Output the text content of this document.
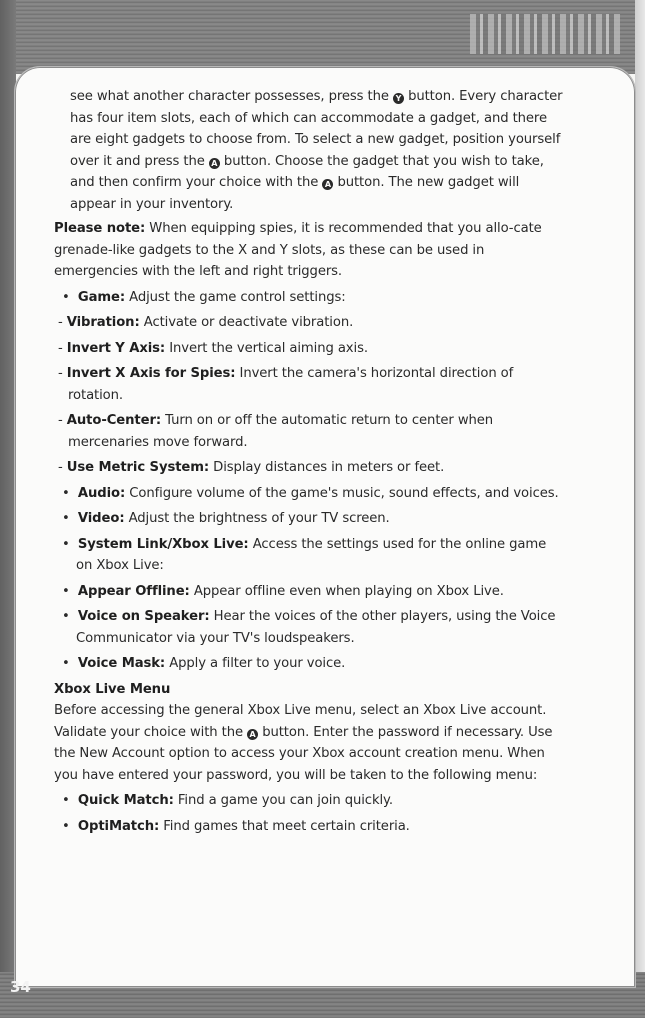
see what another character possesses, press the Y button. Every character has four item slots, each of which can accommodate a gadget, and there are eight gadgets to choose from. To select a new gadget, position yourself over it and press the A button. Choose the gadget that you wish to take, and then confirm your choice with the A button. The new gadget will appear in your inventory.

Please note: When equipping spies, it is recommended that you allo-cate grenade-like gadgets to the X and Y slots, as these can be used in emergencies with the left and right triggers.

• Game: Adjust the game control settings:

- Vibration: Activate or deactivate vibration.

- Invert Y Axis: Invert the vertical aiming axis.

- Invert X Axis for Spies: Invert the camera's horizontal direction of rotation.

- Auto-Center: Turn on or off the automatic return to center when mercenaries move forward.

- Use Metric System: Display distances in meters or feet.

• Audio: Configure volume of the game's music, sound effects, and voices.

• Video: Adjust the brightness of your TV screen.

• System Link/Xbox Live: Access the settings used for the online game on Xbox Live:

• Appear Offline: Appear offline even when playing on Xbox Live.

• Voice on Speaker: Hear the voices of the other players, using the Voice Communicator via your TV's loudspeakers.

• Voice Mask: Apply a filter to your voice.

Xbox Live Menu

Before accessing the general Xbox Live menu, select an Xbox Live account. Validate your choice with the A button. Enter the password if necessary. Use the New Account option to access your Xbox account creation menu. When you have entered your password, you will be taken to the following menu:

• Quick Match: Find a game you can join quickly.

• OptiMatch: Find games that meet certain criteria.

34
